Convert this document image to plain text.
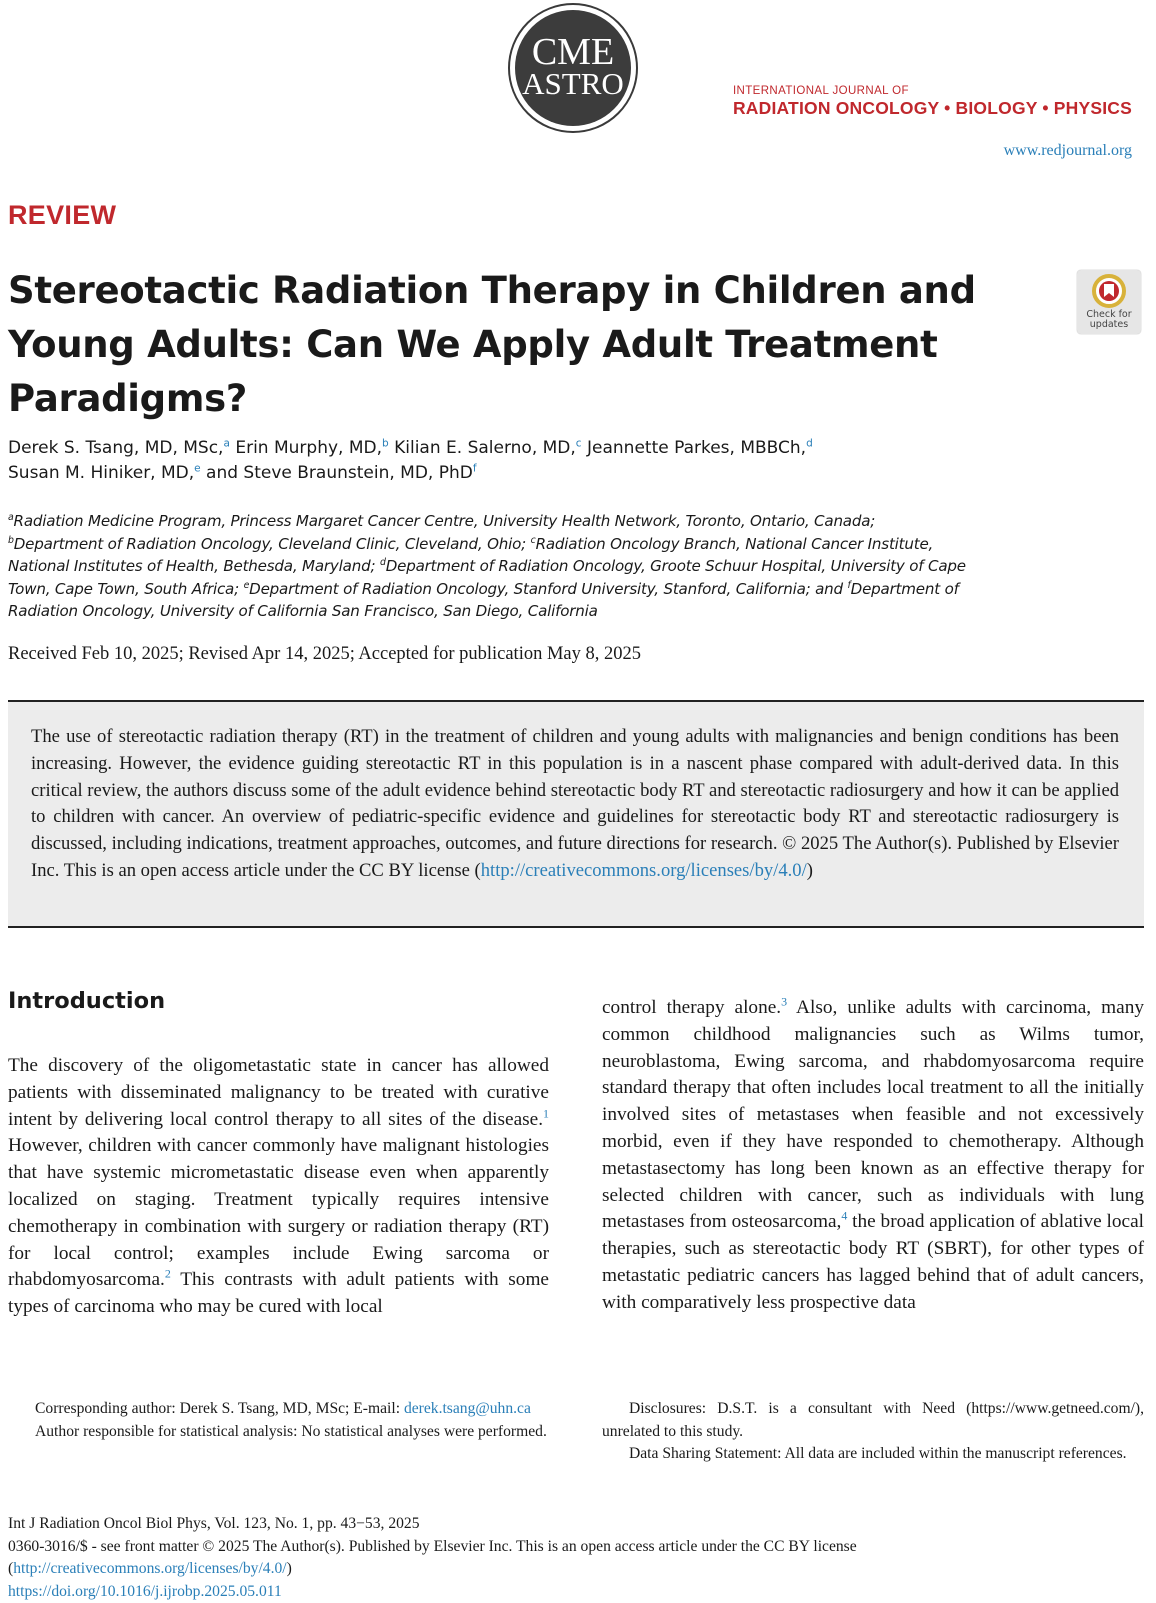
CME
ASTRO	INTERNATIONAL JOURNAL OF
RADIATION ONCOLOGY • BIOLOGY • PHYSICS
www.redjournal.org
REVIEW
Stereotactic Radiation Therapy in Children and Young Adults: Can We Apply Adult Treatment Paradigms?
Check for updates
Derek S. Tsang, MD, MSc,$^a$ Erin Murphy, MD,$^b$ Kilian E. Salerno, MD,$^c$ Jeannette Parkes, MBBCh,$^d$
Susan M. Hiniker, MD,$^e$ and Steve Braunstein, MD, PhD$^f$
$^a$Radiation Medicine Program, Princess Margaret Cancer Centre, University Health Network, Toronto, Ontario, Canada; $^b$Department of Radiation Oncology, Cleveland Clinic, Cleveland, Ohio; $^c$Radiation Oncology Branch, National Cancer Institute, National Institutes of Health, Bethesda, Maryland; $^d$Department of Radiation Oncology, Groote Schuur Hospital, University of Cape Town, Cape Town, South Africa; $^e$Department of Radiation Oncology, Stanford University, Stanford, California; and $^f$Department of Radiation Oncology, University of California San Francisco, San Diego, California
Received Feb 10, 2025; Revised Apr 14, 2025; Accepted for publication May 8, 2025

The use of stereotactic radiation therapy (RT) in the treatment of children and young adults with malignancies and benign conditions has been increasing. However, the evidence guiding stereotactic RT in this population is in a nascent phase compared with adult-derived data. In this critical review, the authors discuss some of the adult evidence behind stereotactic body RT and stereotactic radiosurgery and how it can be applied to children with cancer. An overview of pediatric-specific evidence and guidelines for stereotactic body RT and stereotactic radiosurgery is discussed, including indications, treatment approaches, outcomes, and future directions for research. © 2025 The Author(s). Published by Elsevier Inc. This is an open access article under the CC BY license (http://creativecommons.org/licenses/by/4.0/)

Introduction

The discovery of the oligometastatic state in cancer has allowed patients with disseminated malignancy to be treated with curative intent by delivering local control therapy to all sites of the disease.$^1$ However, children with cancer commonly have malignant histologies that have systemic micrometastatic disease even when apparently localized on staging. Treatment typically requires intensive chemotherapy in combination with surgery or radiation therapy (RT) for local control; examples include Ewing sarcoma or rhabdomyosarcoma.$^2$ This contrasts with adult patients with some types of carcinoma who may be cured with local

control therapy alone.$^3$ Also, unlike adults with carcinoma, many common childhood malignancies such as Wilms tumor, neuroblastoma, Ewing sarcoma, and rhabdomyosarcoma require standard therapy that often includes local treatment to all the initially involved sites of metastases when feasible and not excessively morbid, even if they have responded to chemotherapy. Although metastasectomy has long been known as an effective therapy for selected children with cancer, such as individuals with lung metastases from osteosarcoma,$^4$ the broad application of ablative local therapies, such as stereotactic body RT (SBRT), for other types of metastatic pediatric cancers has lagged behind that of adult cancers, with comparatively less prospective data

Corresponding author: Derek S. Tsang, MD, MSc; E-mail: derek.tsang@uhn.ca

Author responsible for statistical analysis: No statistical analyses were performed.

Disclosures: D.S.T. is a consultant with Need (https://www.getneed.com/), unrelated to this study.

Data Sharing Statement: All data are included within the manuscript references.

Int J Radiation Oncol Biol Phys, Vol. 123, No. 1, pp. 43−53, 2025
0360-3016/$ - see front matter © 2025 The Author(s). Published by Elsevier Inc. This is an open access article under the CC BY license
(http://creativecommons.org/licenses/by/4.0/)
https://doi.org/10.1016/j.ijrobp.2025.05.011
